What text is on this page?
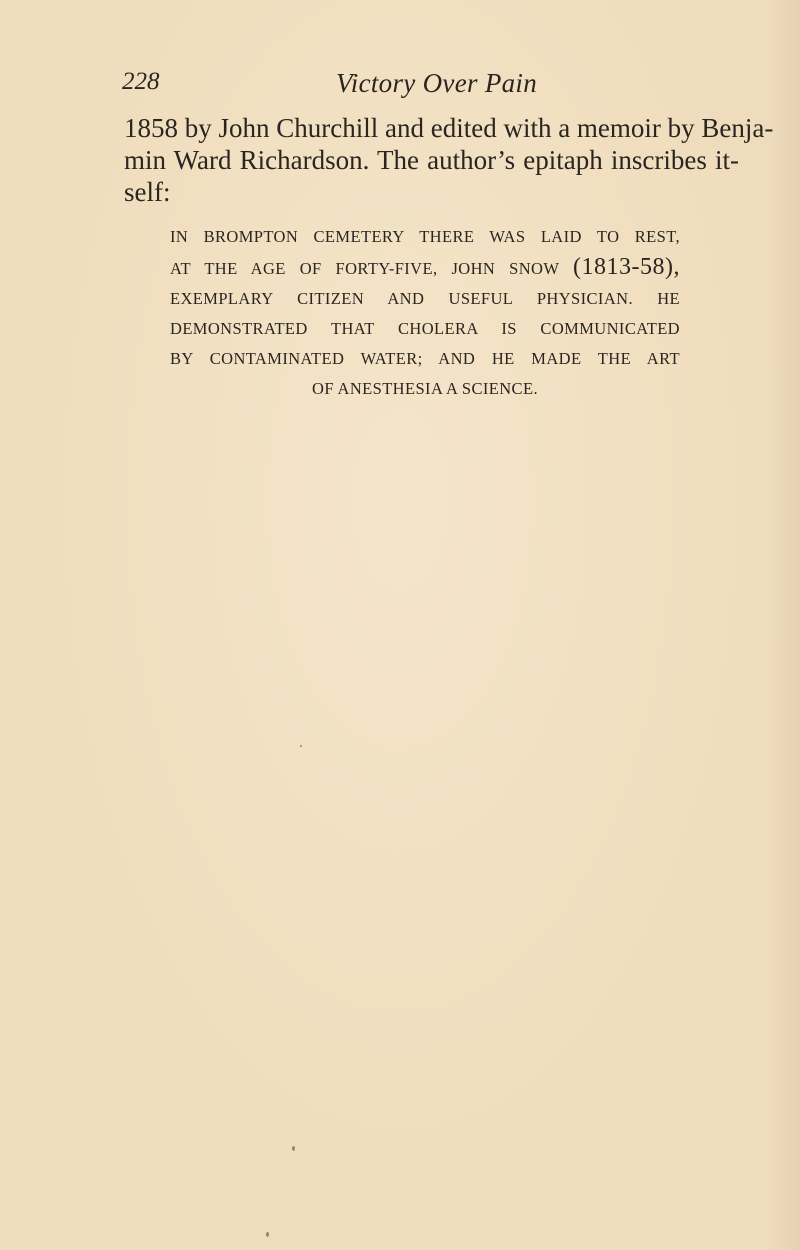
228	Victory Over Pain
1858 by John Churchill and edited with a memoir by Benja-
min Ward Richardson. The author’s epitaph inscribes it-
self:
IN BROMPTON CEMETERY THERE WAS LAID TO REST,
AT THE AGE OF FORTY-FIVE, JOHN SNOW (1813-58),
EXEMPLARY CITIZEN AND USEFUL PHYSICIAN. HE
DEMONSTRATED THAT CHOLERA IS COMMUNICATED
BY CONTAMINATED WATER; AND HE MADE THE ART
OF ANESTHESIA A SCIENCE.
